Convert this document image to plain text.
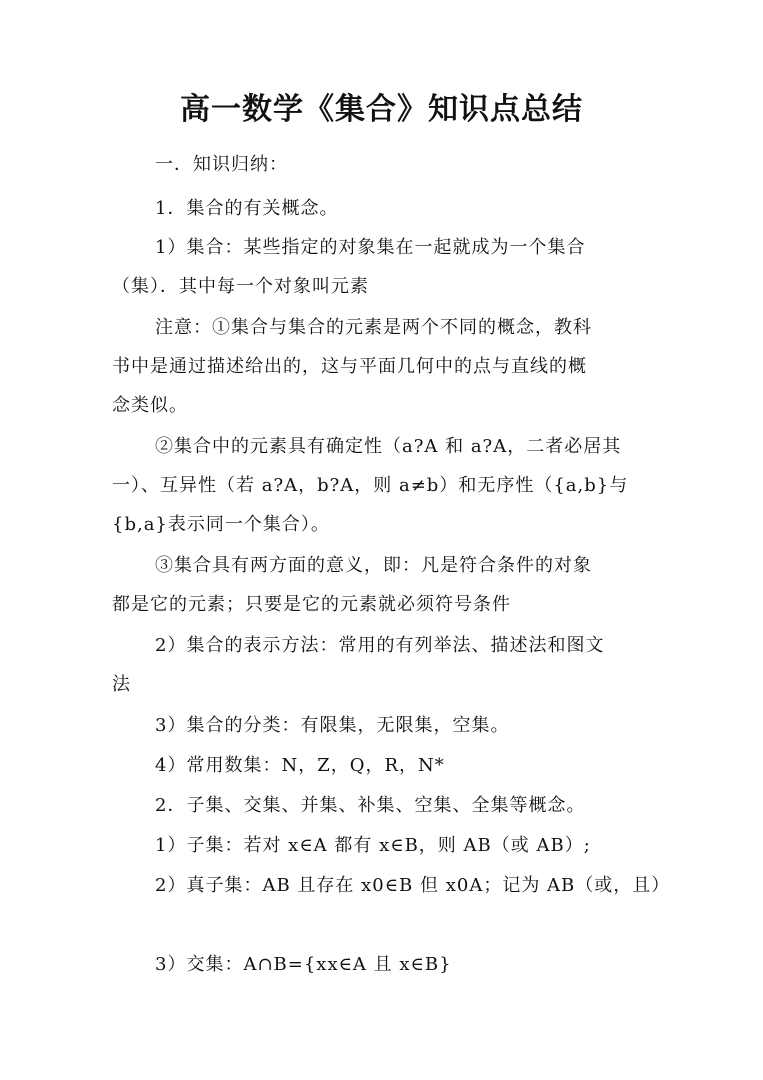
高一数学《集合》知识点总结
一．知识归纳：
1．集合的有关概念。
1）集合：某些指定的对象集在一起就成为一个集合
（集）．其中每一个对象叫元素
注意：①集合与集合的元素是两个不同的概念，教科
书中是通过描述给出的，这与平面几何中的点与直线的概
念类似。
②集合中的元素具有确定性（a?A 和 a?A，二者必居其
一）、互异性（若 a?A，b?A，则 a≠b）和无序性（{a,b}与
{b,a}表示同一个集合）。
③集合具有两方面的意义，即：凡是符合条件的对象
都是它的元素；只要是它的元素就必须符号条件
2）集合的表示方法：常用的有列举法、描述法和图文
法
3）集合的分类：有限集，无限集，空集。
4）常用数集：N，Z，Q，R，N*
2．子集、交集、并集、补集、空集、全集等概念。
1）子集：若对 x∈A 都有 x∈B，则 AB（或 AB）;
2）真子集：AB 且存在 x0∈B 但 x0A；记为 AB（或，且）
3）交集：A∩B={xx∈A 且 x∈B}
